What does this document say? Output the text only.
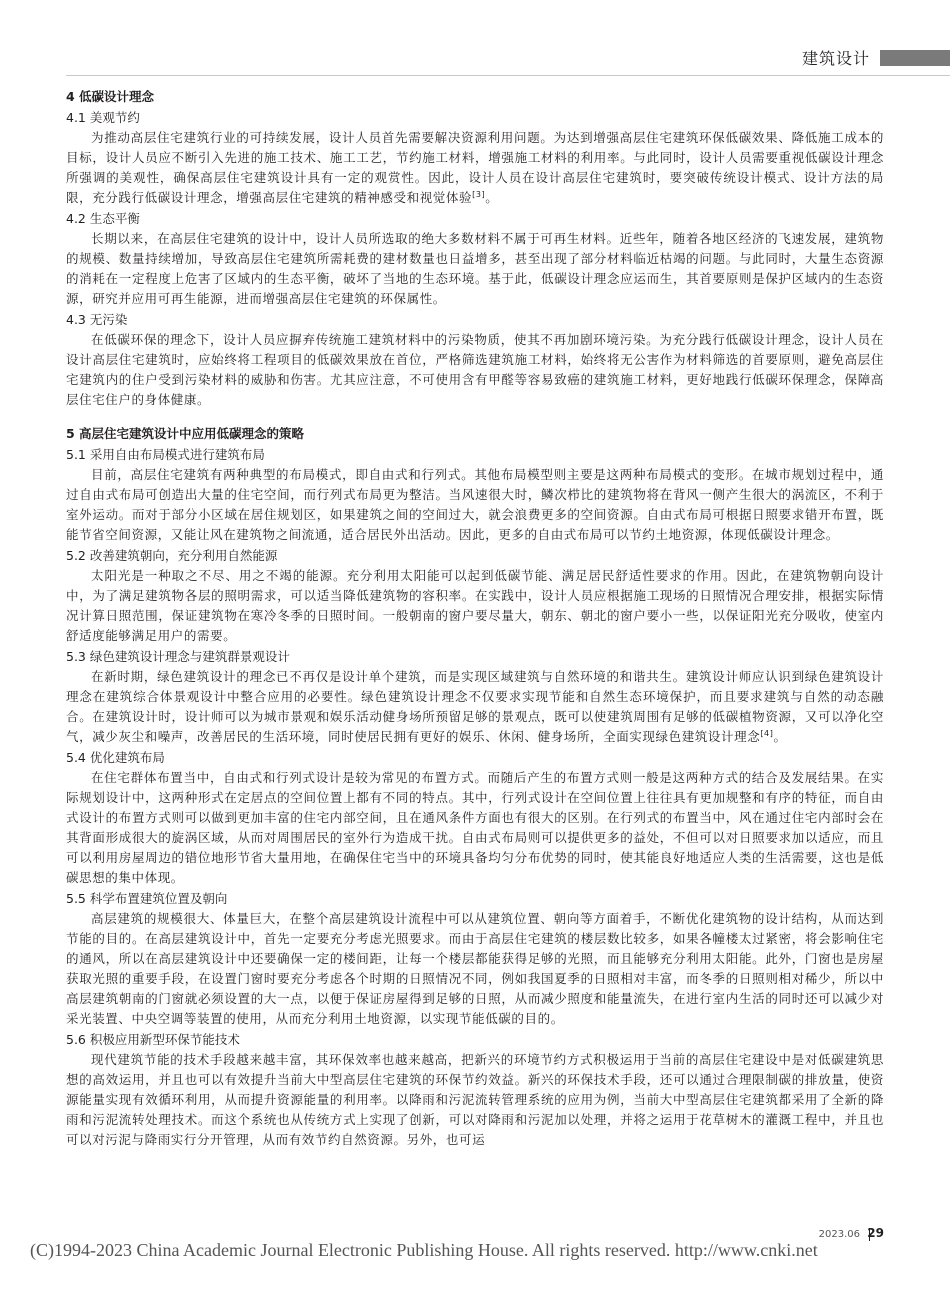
建筑设计
4 低碳设计理念
4.1 美观节约

为推动高层住宅建筑行业的可持续发展，设计人员首先需要解决资源利用问题。为达到增强高层住宅建筑环保低碳效果、降低施工成本的目标，设计人员应不断引入先进的施工技术、施工工艺，节约施工材料，增强施工材料的利用率。与此同时，设计人员需要重视低碳设计理念所强调的美观性，确保高层住宅建筑设计具有一定的观赏性。因此，设计人员在设计高层住宅建筑时，要突破传统设计模式、设计方法的局限，充分践行低碳设计理念，增强高层住宅建筑的精神感受和视觉体验[3]。

4.2 生态平衡

长期以来，在高层住宅建筑的设计中，设计人员所选取的绝大多数材料不属于可再生材料。近些年，随着各地区经济的飞速发展，建筑物的规模、数量持续增加，导致高层住宅建筑所需耗费的建材数量也日益增多，甚至出现了部分材料临近枯竭的问题。与此同时，大量生态资源的消耗在一定程度上危害了区域内的生态平衡，破坏了当地的生态环境。基于此，低碳设计理念应运而生，其首要原则是保护区域内的生态资源，研究并应用可再生能源，进而增强高层住宅建筑的环保属性。

4.3 无污染

在低碳环保的理念下，设计人员应摒弃传统施工建筑材料中的污染物质，使其不再加剧环境污染。为充分践行低碳设计理念，设计人员在设计高层住宅建筑时，应始终将工程项目的低碳效果放在首位，严格筛选建筑施工材料，始终将无公害作为材料筛选的首要原则，避免高层住宅建筑内的住户受到污染材料的威胁和伤害。尤其应注意，不可使用含有甲醛等容易致癌的建筑施工材料，更好地践行低碳环保理念，保障高层住宅住户的身体健康。

5 高层住宅建筑设计中应用低碳理念的策略
5.1 采用自由布局模式进行建筑布局

目前，高层住宅建筑有两种典型的布局模式，即自由式和行列式。其他布局模型则主要是这两种布局模式的变形。在城市规划过程中，通过自由式布局可创造出大量的住宅空间，而行列式布局更为整洁。当风速很大时，鳞次栉比的建筑物将在背风一侧产生很大的涡流区，不利于室外运动。而对于部分小区域在居住规划区，如果建筑之间的空间过大，就会浪费更多的空间资源。自由式布局可根据日照要求错开布置，既能节省空间资源，又能让风在建筑物之间流通，适合居民外出活动。因此，更多的自由式布局可以节约土地资源，体现低碳设计理念。

5.2 改善建筑朝向，充分利用自然能源

太阳光是一种取之不尽、用之不竭的能源。充分利用太阳能可以起到低碳节能、满足居民舒适性要求的作用。因此，在建筑物朝向设计中，为了满足建筑物各层的照明需求，可以适当降低建筑物的容积率。在实践中，设计人员应根据施工现场的日照情况合理安排，根据实际情况计算日照范围，保证建筑物在寒冷冬季的日照时间。一般朝南的窗户要尽量大，朝东、朝北的窗户要小一些，以保证阳光充分吸收，使室内舒适度能够满足用户的需要。

5.3 绿色建筑设计理念与建筑群景观设计

在新时期，绿色建筑设计的理念已不再仅是设计单个建筑，而是实现区域建筑与自然环境的和谐共生。建筑设计师应认识到绿色建筑设计理念在建筑综合体景观设计中整合应用的必要性。绿色建筑设计理念不仅要求实现节能和自然生态环境保护，而且要求建筑与自然的动态融合。在建筑设计时，设计师可以为城市景观和娱乐活动健身场所预留足够的景观点，既可以使建筑周围有足够的低碳植物资源，又可以净化空气，减少灰尘和噪声，改善居民的生活环境，同时使居民拥有更好的娱乐、休闲、健身场所，全面实现绿色建筑设计理念[4]。

5.4 优化建筑布局

在住宅群体布置当中，自由式和行列式设计是较为常见的布置方式。而随后产生的布置方式则一般是这两种方式的结合及发展结果。在实际规划设计中，这两种形式在定居点的空间位置上都有不同的特点。其中，行列式设计在空间位置上往往具有更加规整和有序的特征，而自由式设计的布置方式则可以做到更加丰富的住宅内部空间，且在通风条件方面也有很大的区别。在行列式的布置当中，风在通过住宅内部时会在其背面形成很大的旋涡区域，从而对周围居民的室外行为造成干扰。自由式布局则可以提供更多的益处，不但可以对日照要求加以适应，而且可以利用房屋周边的错位地形节省大量用地，在确保住宅当中的环境具备均匀分布优势的同时，使其能良好地适应人类的生活需要，这也是低碳思想的集中体现。

5.5 科学布置建筑位置及朝向

高层建筑的规模很大、体量巨大，在整个高层建筑设计流程中可以从建筑位置、朝向等方面着手，不断优化建筑物的设计结构，从而达到节能的目的。在高层建筑设计中，首先一定要充分考虑光照要求。而由于高层住宅建筑的楼层数比较多，如果各幢楼太过紧密，将会影响住宅的通风，所以在高层建筑设计中还要确保一定的楼间距，让每一个楼层都能获得足够的光照，而且能够充分利用太阳能。此外，门窗也是房屋获取光照的重要手段，在设置门窗时要充分考虑各个时期的日照情况不同，例如我国夏季的日照相对丰富，而冬季的日照则相对稀少，所以中高层建筑朝南的门窗就必须设置的大一点，以便于保证房屋得到足够的日照，从而减少照度和能量流失，在进行室内生活的同时还可以减少对采光装置、中央空调等装置的使用，从而充分利用土地资源，以实现节能低碳的目的。

5.6 积极应用新型环保节能技术

现代建筑节能的技术手段越来越丰富，其环保效率也越来越高，把新兴的环境节约方式积极运用于当前的高层住宅建设中是对低碳建筑思想的高效运用，并且也可以有效提升当前大中型高层住宅建筑的环保节约效益。新兴的环保技术手段，还可以通过合理限制碳的排放量，使资源能量实现有效循环利用，从而提升资源能量的利用率。以降雨和污泥流转管理系统的应用为例，当前大中型高层住宅建筑都采用了全新的降雨和污泥流转处理技术。而这个系统也从传统方式上实现了创新，可以对降雨和污泥加以处理，并将之运用于花草树木的灌溉工程中，并且也可以对污泥与降雨实行分开管理，从而有效节约自然资源。另外，也可运

2023.06 29
(C)1994-2023 China Academic Journal Electronic Publishing House. All rights reserved. http://www.cnki.net
